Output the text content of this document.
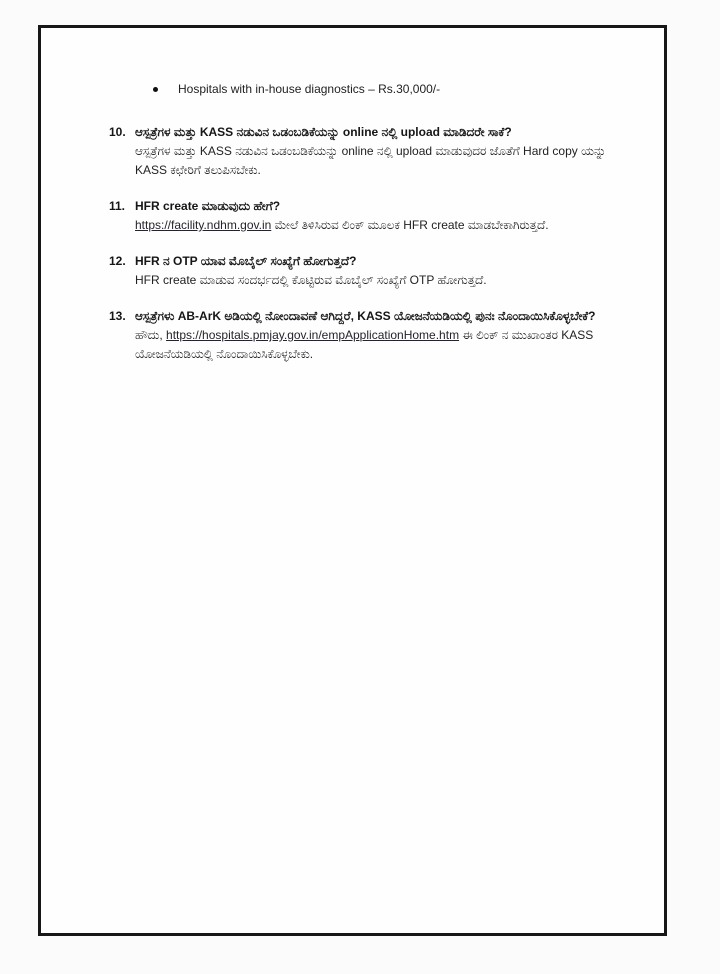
Hospitals with in-house diagnostics – Rs.30,000/-
10. ಆಸ್ಪತ್ರೆಗಳ ಮತ್ತು KASS ನಡುವಿನ ಒಡಂಬಡಿಕೆಯನ್ನು online ನಲ್ಲಿ upload ಮಾಡಿದರೇ ಸಾಕೆ?

ಆಸ್ಪತ್ರೆಗಳ ಮತ್ತು KASS ನಡುವಿನ ಒಡಂಬಡಿಕೆಯನ್ನು online ನಲ್ಲಿ upload ಮಾಡುವುದರ ಜೊತೆಗೆ Hard copy ಯನ್ನು KASS ಕಛೇರಿಗೆ ತಲುಪಿಸಬೇಕು.

11. HFR create ಮಾಡುವುದು ಹೇಗೆ?

https://facility.ndhm.gov.in ಮೇಲೆ ತಿಳಿಸಿರುವ ಲಿಂಕ್ ಮೂಲಕ HFR create ಮಾಡಬೇಕಾಗಿರುತ್ತದೆ.

12. HFR ನ OTP ಯಾವ ಮೊಬೈಲ್ ಸಂಖ್ಯೆಗೆ ಹೋಗುತ್ತದೆ?

HFR create ಮಾಡುವ ಸಂದರ್ಭದಲ್ಲಿ ಕೊಟ್ಟಿರುವ ಮೊಬೈಲ್ ಸಂಖ್ಯೆಗೆ OTP ಹೋಗುತ್ತದೆ.

13. ಆಸ್ಪತ್ರೆಗಳು AB-ArK ಅಡಿಯಲ್ಲಿ ನೋಂದಾವಣೆ ಆಗಿದ್ದರೆ, KASS ಯೋಜನೆಯಡಿಯಲ್ಲಿ ಪುನಃ ನೊಂದಾಯಿಸಿಕೊಳ್ಳಬೇಕೆ?

ಹೌದು, https://hospitals.pmjay.gov.in/empApplicationHome.htm ಈ ಲಿಂಕ್ ನ ಮುಖಾಂತರ KASS ಯೋಜನೆಯಡಿಯಲ್ಲಿ ನೊಂದಾಯಿಸಿಕೊಳ್ಳಬೇಕು.
